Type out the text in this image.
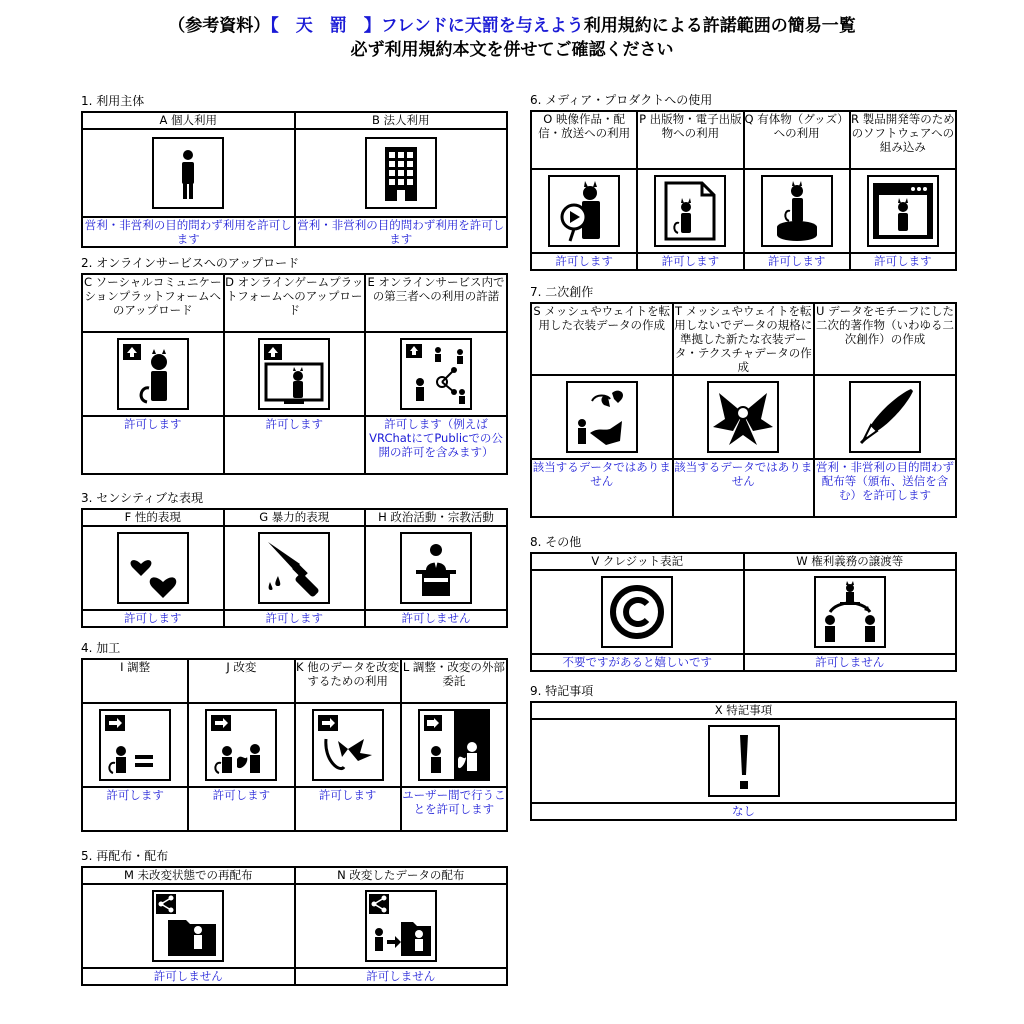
（参考資料）【　天　罰　】フレンドに天罰を与えよう利用規約による許諾範囲の簡易一覧
必ず利用規約本文を併せてご確認ください
1. 利用主体
A 個人利用	B 法人利用

営利・非営利の目的問わず利用を許可します	営利・非営利の目的問わず利用を許可します
2. オンラインサービスへのアップロード
C ソーシャルコミュニケーションプラットフォームへのアップロード	D オンラインゲームプラットフォームへのアップロード	E オンラインサービス内での第三者への利用の許諾

許可します	許可します	許可します（例えばVRChatにてPublicでの公開の許可を含みます）
3. センシティブな表現
F 性的表現	G 暴力的表現	H 政治活動・宗教活動

許可します	許可します	許可しません
4. 加工
I 調整	J 改変	K 他のデータを改変するための利用	L 調整・改変の外部委託

許可します	許可します	許可します	ユーザー間で行うことを許可します
5. 再配布・配布
M 未改変状態での再配布	N 改変したデータの配布

許可しません	許可しません
6. メディア・プロダクトへの使用
O 映像作品・配信・放送への利用	P 出版物・電子出版物への利用	Q 有体物（グッズ）への利用	R 製品開発等のためのソフトウェアへの組み込み

許可します	許可します	許可します	許可します
7. 二次創作
S メッシュやウェイトを転用した衣装データの作成	T メッシュやウェイトを転用しないでデータの規格に準拠した新たな衣装データ・テクスチャデータの作成	U データをモチーフにした二次的著作物（いわゆる二次創作）の作成

該当するデータではありません	該当するデータではありません	営利・非営利の目的問わず配布等（頒布、送信を含む）を許可します
8. その他
V クレジット表記	W 権利義務の譲渡等

不要ですがあると嬉しいです	許可しません
9. 特記事項
X 特記事項

なし
